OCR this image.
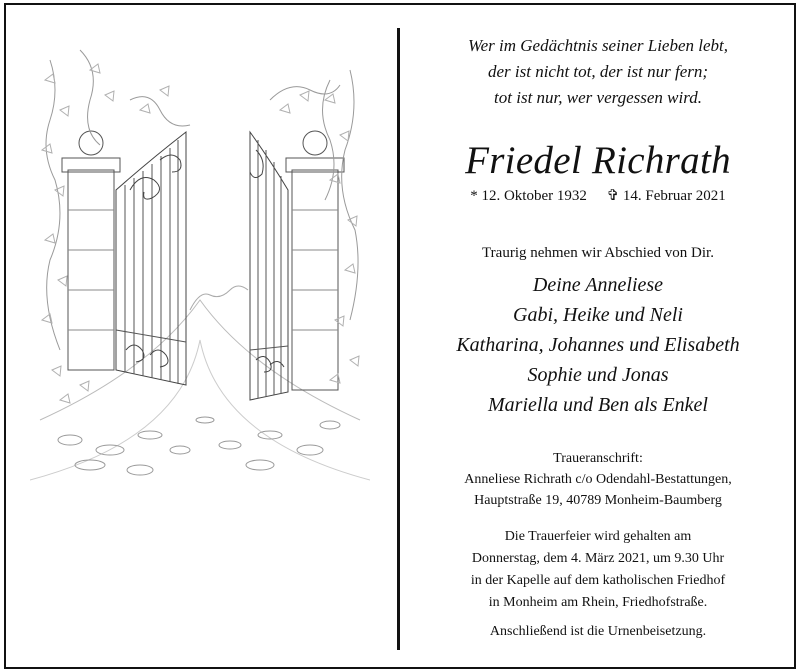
Wer im Gedächtnis seiner Lieben lebt,
der ist nicht tot, der ist nur fern;
tot ist nur, wer vergessen wird.
Friedel Richrath
* 12. Oktober 1932 ✞ 14. Februar 2021
Traurig nehmen wir Abschied von Dir.
Deine Anneliese
Gabi, Heike und Neli
Katharina, Johannes und Elisabeth
Sophie und Jonas
Mariella und Ben als Enkel
Traueranschrift:
Anneliese Richrath c/o Odendahl-Bestattungen,
Hauptstraße 19, 40789 Monheim-Baumberg
Die Trauerfeier wird gehalten am
Donnerstag, dem 4. März 2021, um 9.30 Uhr
in der Kapelle auf dem katholischen Friedhof
in Monheim am Rhein, Friedhofstraße.
Anschließend ist die Urnenbeisetzung.
